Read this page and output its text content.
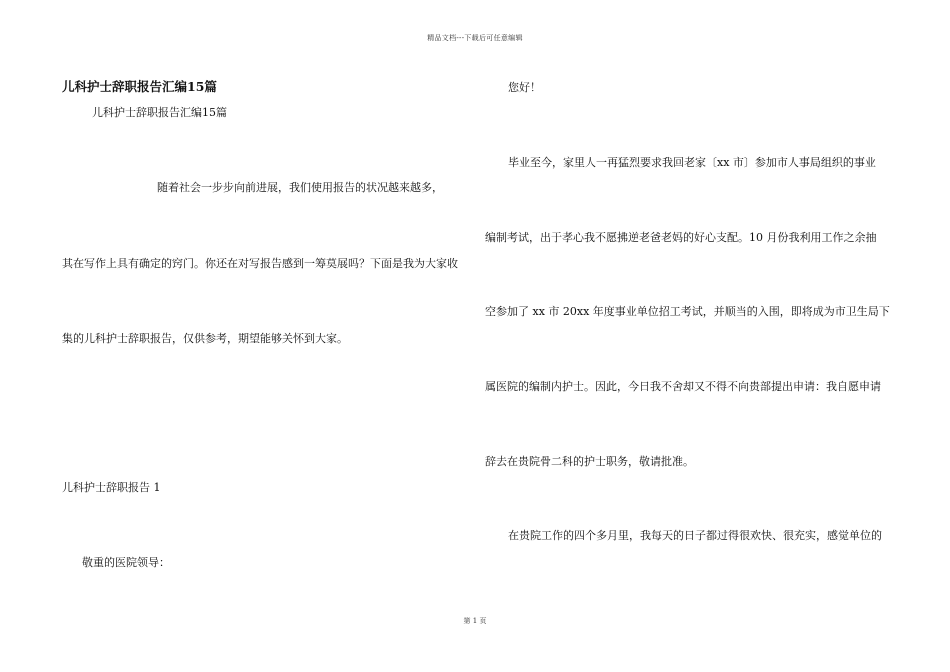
精品文档---下载后可任意编辑
儿科护士辞职报告汇编15篇
儿科护士辞职报告汇编15篇
随着社会一步步向前进展，我们使用报告的状况越来越多，
其在写作上具有确定的窍门。你还在对写报告感到一筹莫展吗？下面是我为大家收
集的儿科护士辞职报告，仅供参考，期望能够关怀到大家。
儿科护士辞职报告 1
敬重的医院领导：
您好！
毕业至今，家里人一再猛烈要求我回老家〔xx 市〕参加市人事局组织的事业
编制考试，出于孝心我不愿拂逆老爸老妈的好心支配。10 月份我利用工作之余抽
空参加了 xx 市 20xx 年度事业单位招工考试，并顺当的入围，即将成为市卫生局下
属医院的编制内护士。因此，今日我不舍却又不得不向贵部提出申请：我自愿申请
辞去在贵院骨二科的护士职务，敬请批准。
在贵院工作的四个多月里，我每天的日子都过得很欢快、很充实，感觉单位的
第 1 页
